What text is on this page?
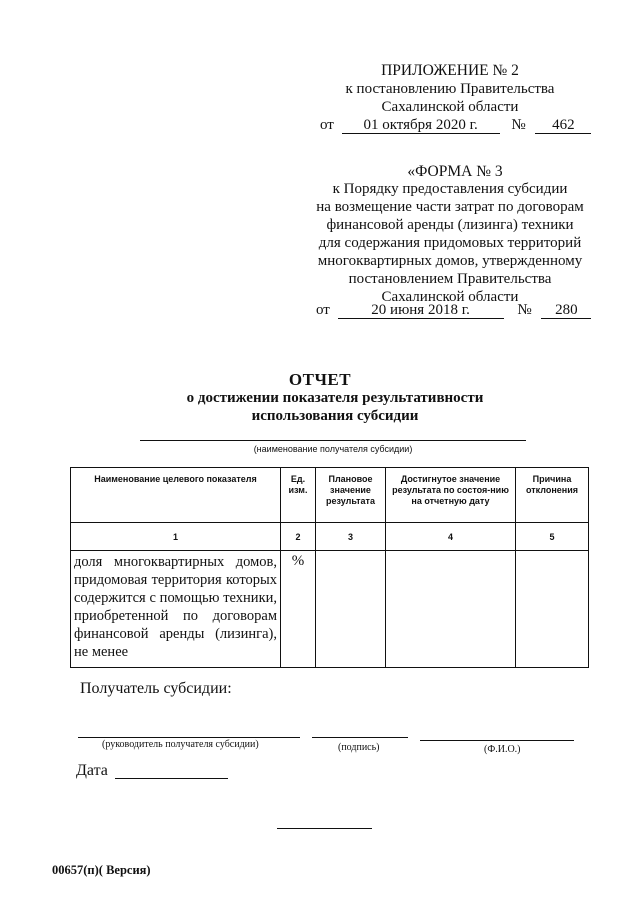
ПРИЛОЖЕНИЕ № 2
к постановлению Правительства
Сахалинской области
от 01 октября 2020 г. № 462
«ФОРМА № 3
к Порядку предоставления субсидии
на возмещение части затрат по договорам
финансовой аренды (лизинга) техники
для содержания придомовых территорий
многоквартирных домов, утвержденному
постановлением Правительства
Сахалинской области
от	20 июня 2018 г.	№ 280
ОТЧЕТ
о достижении показателя результативности
использования субсидии
(наименование получателя субсидии)
Наименование целевого показателя	Ед. изм.	Плановое значение результата	Достигнутое значение результата по состоя-нию на отчетную дату	Причина отклонения
1	2	3	4	5
доля многоквартирных домов, придомовая территория которых содержится с помощью техники, приобретенной по договорам финансовой аренды (лизинга), не менее	%			
Получатель субсидии:
(руководитель получателя субсидии)	(подпись)	(Ф.И.О.)
Дата
00657(п)( Версия)
